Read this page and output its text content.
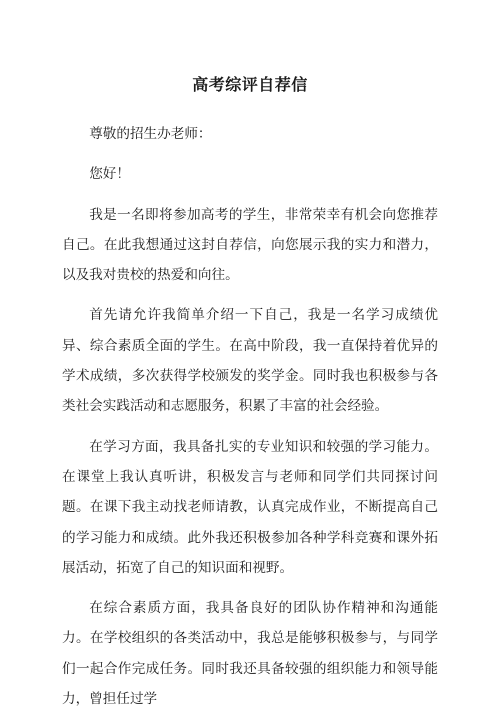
高考综评自荐信

尊敬的招生办老师：

您好！

我是一名即将参加高考的学生，非常荣幸有机会向您推荐自己。在此我想通过这封自荐信，向您展示我的实力和潜力，以及我对贵校的热爱和向往。

首先请允许我简单介绍一下自己，我是一名学习成绩优异、综合素质全面的学生。在高中阶段，我一直保持着优异的学术成绩，多次获得学校颁发的奖学金。同时我也积极参与各类社会实践活动和志愿服务，积累了丰富的社会经验。

在学习方面，我具备扎实的专业知识和较强的学习能力。在课堂上我认真听讲，积极发言与老师和同学们共同探讨问题。在课下我主动找老师请教，认真完成作业，不断提高自己的学习能力和成绩。此外我还积极参加各种学科竞赛和课外拓展活动，拓宽了自己的知识面和视野。

在综合素质方面，我具备良好的团队协作精神和沟通能力。在学校组织的各类活动中，我总是能够积极参与，与同学们一起合作完成任务。同时我还具备较强的组织能力和领导能力，曾担任过学
